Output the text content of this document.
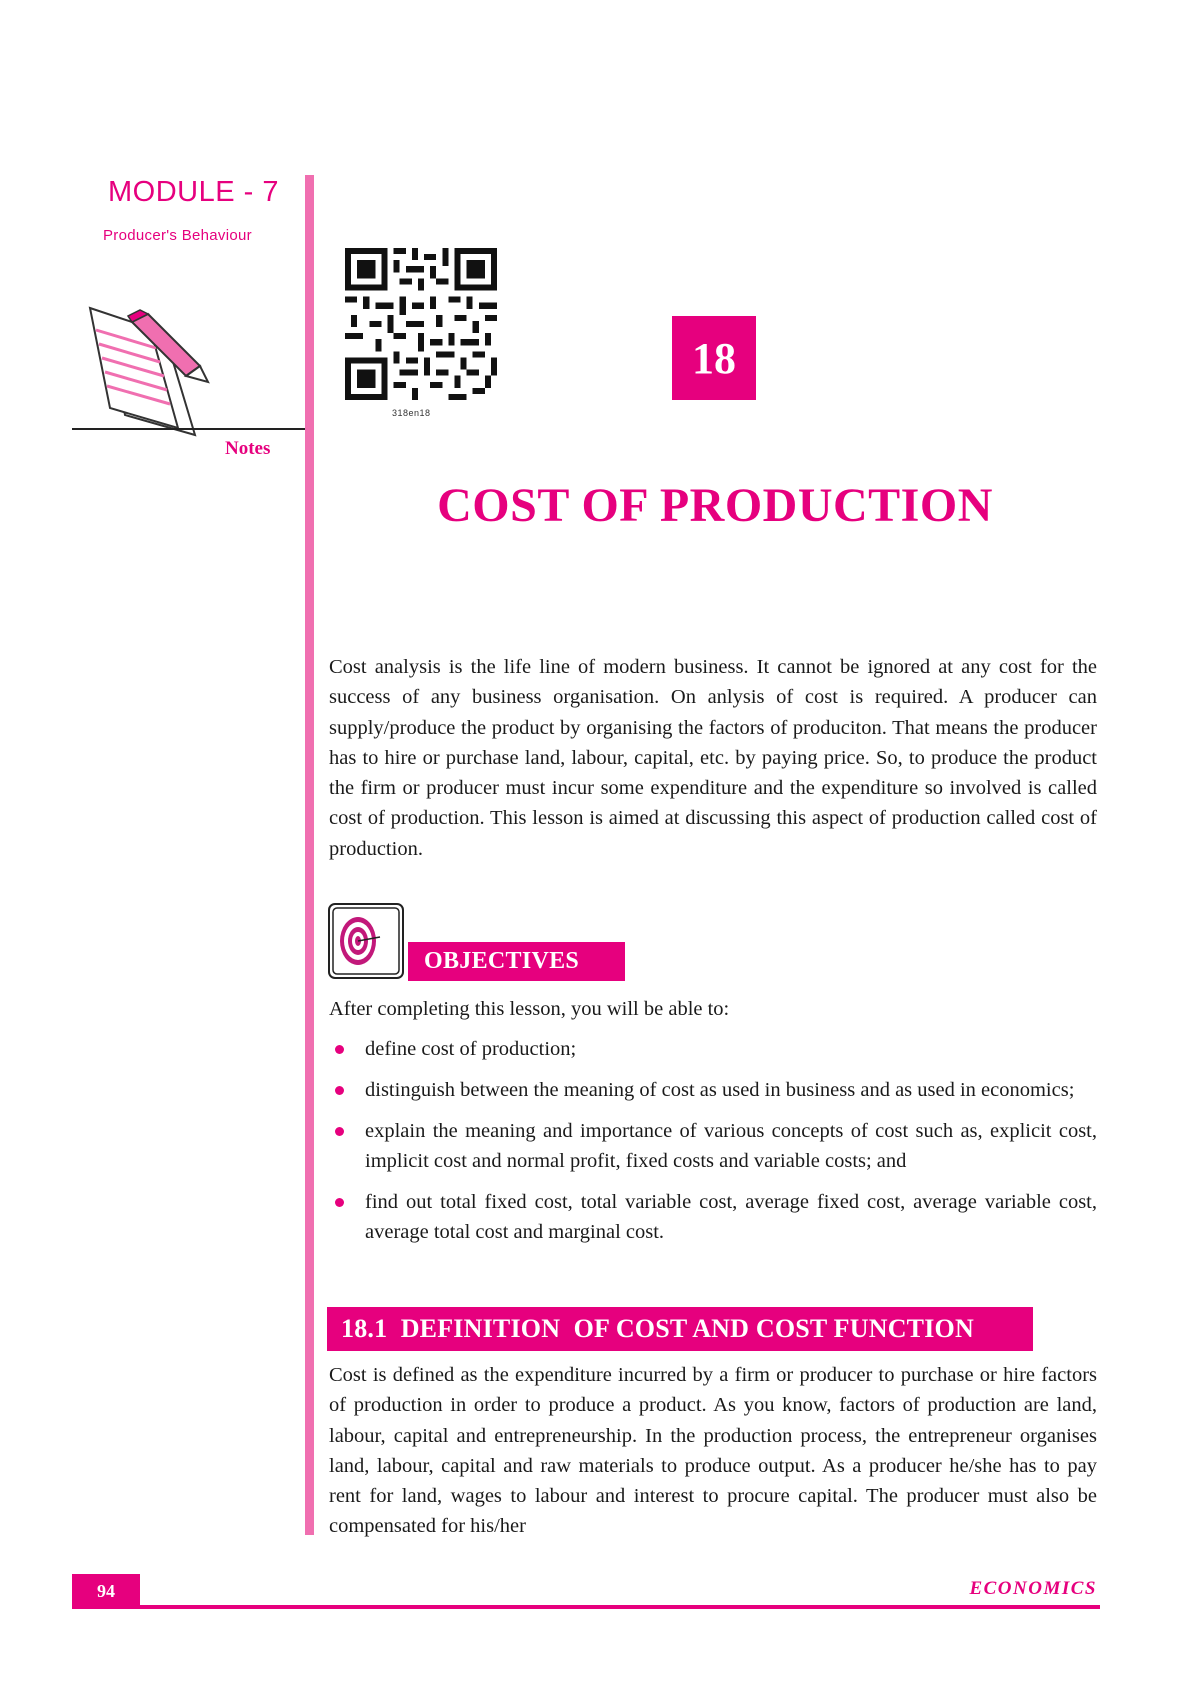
MODULE - 7
Producer's Behaviour
Notes
318en18
18
COST OF PRODUCTION

Cost analysis is the life line of modern business. It cannot be ignored at any cost for the success of any business organisation. On anlysis of cost is required. A producer can supply/produce the product by organising the factors of produciton. That means the producer has to hire or purchase land, labour, capital, etc. by paying price. So, to produce the product the firm or producer must incur some expenditure and the expenditure so involved is called cost of production. This lesson is aimed at discussing this aspect of production called cost of production.

OBJECTIVES
After completing this lesson, you will be able to:
define cost of production;
distinguish between the meaning of cost as used in business and as used in economics;
explain the meaning and importance of various concepts of cost such as, explicit cost, implicit cost and normal profit, fixed costs and variable costs; and
find out total fixed cost, total variable cost, average fixed cost, average variable cost, average total cost and marginal cost.
18.1  DEFINITION  OF COST AND COST FUNCTION

Cost is defined as the expenditure incurred by a firm or producer to purchase or hire factors of production in order to produce a product. As you know, factors of production are land, labour, capital and entrepreneurship. In the production process, the entrepreneur organises land, labour, capital and raw materials to produce output. As a producer he/she has to pay rent for land, wages to labour and interest to procure capital. The producer must also be compensated for his/her

94	ECONOMICS
